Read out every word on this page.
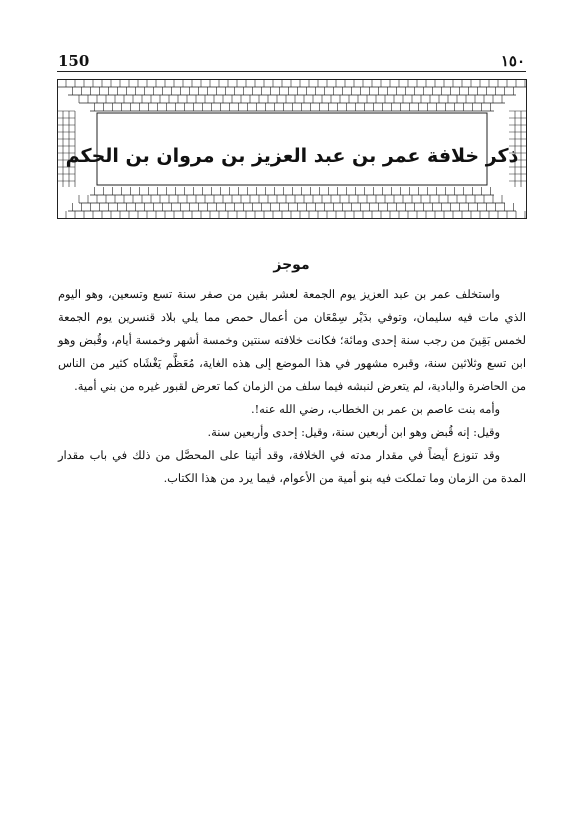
150	١٥٠
ذكر خلافة عمر بن عبد العزيز بن مروان بن الحكم
موجز

واستخلف عمر بن عبد العزيز يوم الجمعة لعشر بقين من صفر سنة تسع وتسعين، وهو اليوم الذي مات فيه سليمان، وتوفي بدَيْر سِمْعَان من أعمال حمص مما يلي بلاد قنسرين يوم الجمعة لخمس بَقِينَ من رجب سنة إحدى ومائة؛ فكانت خلافته سنتين وخمسة أشهر وخمسة أيام، وقُبض وهو ابن تسع وثلاثين سنة، وقبره مشهور في هذا الموضع إلى هذه الغاية، مُعَظَّم يَغْشَاه كثير من الناس من الحاضرة والبادية، لم يتعرض لنبشه فيما سلف من الزمان كما تعرض لقبور غيره من بني أمية.

وأمه بنت عاصم بن عمر بن الخطاب، رضي الله عنه!.

وقيل: إنه قُبض وهو ابن أربعين سنة، وقيل: إحدى وأربعين سنة.

وقد تنوزع أيضاً في مقدار مدته في الخلافة، وقد أتينا على المحصَّل من ذلك في باب مقدار المدة من الزمان وما تملكت فيه بنو أمية من الأعوام، فيما يرد من هذا الكتاب.
